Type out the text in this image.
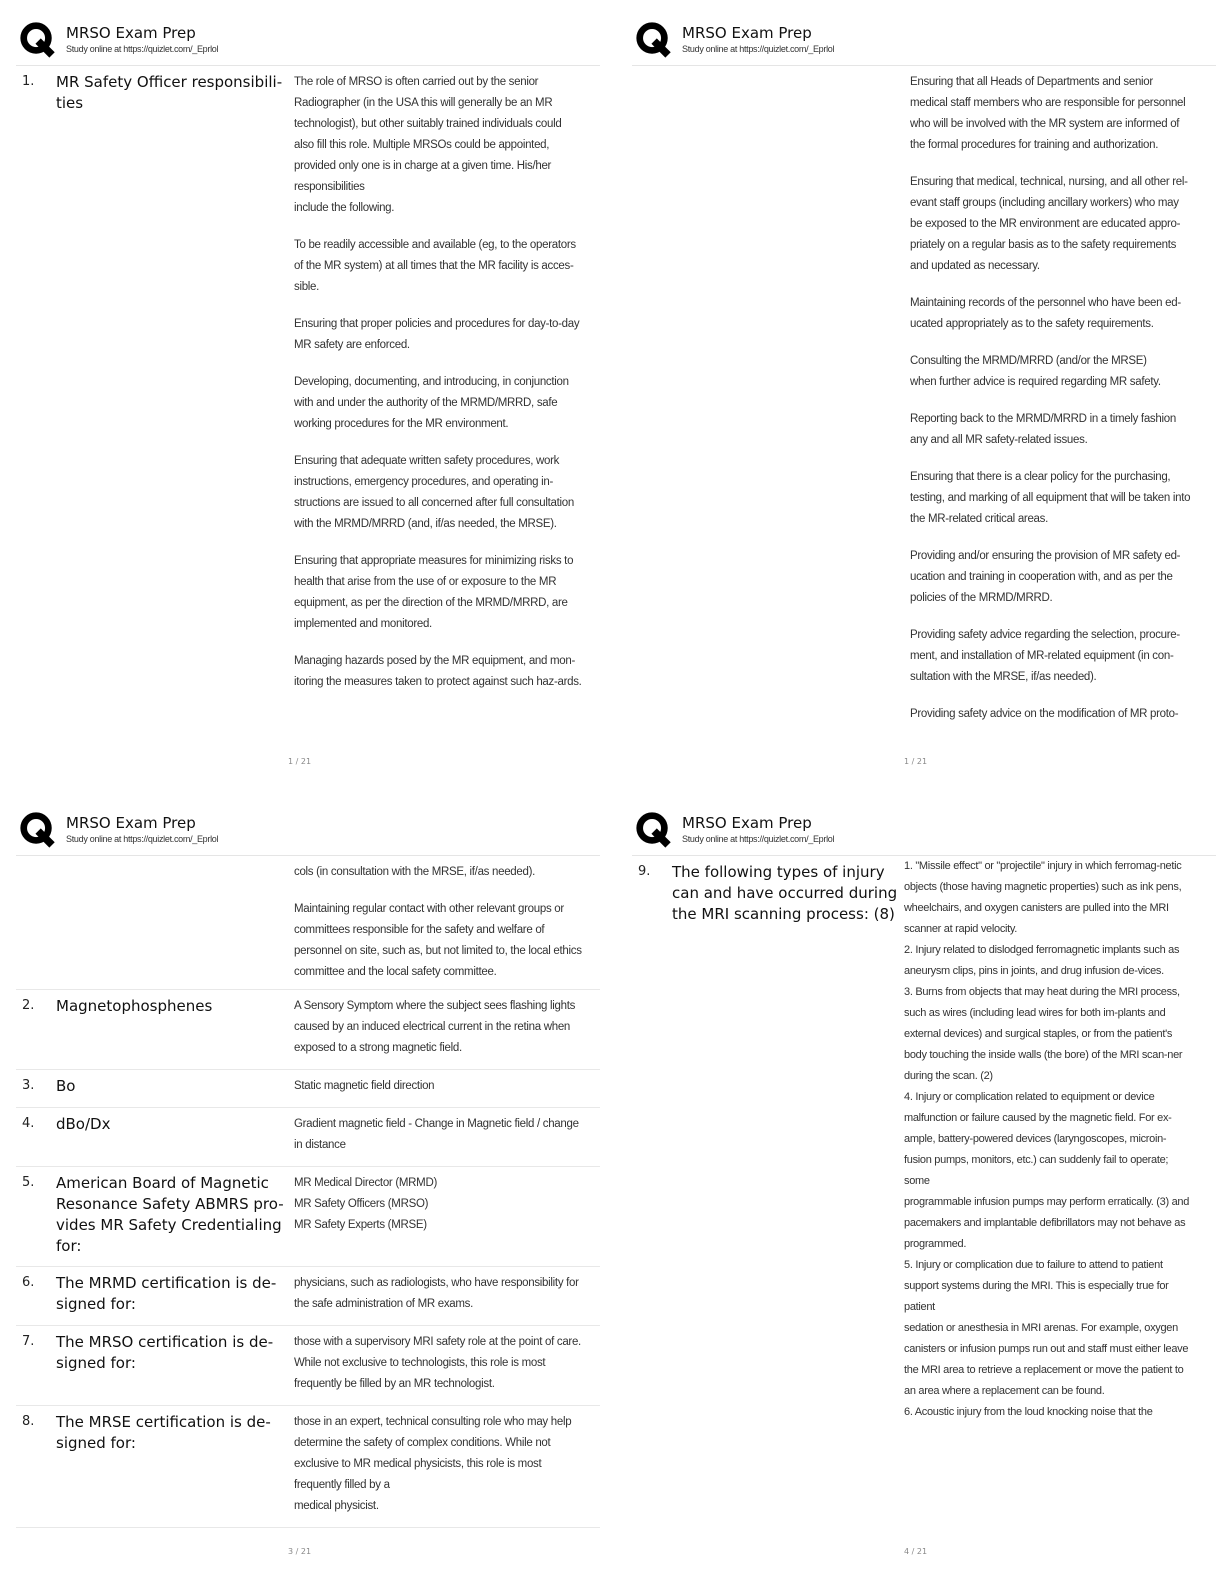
MRSO Exam Prep
Study online at https://quizlet.com/_Eprlol
1.	MR Safety Officer responsibili-ties

The role of MRSO is often carried out by the senior Radiographer (in the USA this will generally be an MR technologist), but other suitably trained individuals could also fill this role. Multiple MRSOs could be appointed, provided only one is in charge at a given time. His/her responsibilities
include the following.

To be readily accessible and available (eg, to the operators of the MR system) at all times that the MR facility is acces-sible.

Ensuring that proper policies and procedures for day-to-day MR safety are enforced.

Developing, documenting, and introducing, in conjunction with and under the authority of the MRMD/MRRD, safe working procedures for the MR environment.

Ensuring that adequate written safety procedures, work instructions, emergency procedures, and operating in-structions are issued to all concerned after full consultation with the MRMD/MRRD (and, if/as needed, the MRSE).

Ensuring that appropriate measures for minimizing risks to health that arise from the use of or exposure to the MR equipment, as per the direction of the MRMD/MRRD, are implemented and monitored.

Managing hazards posed by the MR equipment, and mon-itoring the measures taken to protect against such haz-ards.

1 / 21
MRSO Exam Prep
Study online at https://quizlet.com/_Eprlol

Ensuring that all Heads of Departments and senior medical staff members who are responsible for personnel who will be involved with the MR system are informed of the formal procedures for training and authorization.

Ensuring that medical, technical, nursing, and all other rel-evant staff groups (including ancillary workers) who may be exposed to the MR environment are educated appro-priately on a regular basis as to the safety requirements and updated as necessary.

Maintaining records of the personnel who have been ed-ucated appropriately as to the safety requirements.

Consulting the MRMD/MRRD (and/or the MRSE)
when further advice is required regarding MR safety.

Reporting back to the MRMD/MRRD in a timely fashion any and all MR safety-related issues.

Ensuring that there is a clear policy for the purchasing, testing, and marking of all equipment that will be taken into the MR-related critical areas.

Providing and/or ensuring the provision of MR safety ed-ucation and training in cooperation with, and as per the policies of the MRMD/MRRD.

Providing safety advice regarding the selection, procure-ment, and installation of MR-related equipment (in con-sultation with the MRSE, if/as needed).

Providing safety advice on the modification of MR proto-

1 / 21
MRSO Exam Prep
Study online at https://quizlet.com/_Eprlol

cols (in consultation with the MRSE, if/as needed).

Maintaining regular contact with other relevant groups or committees responsible for the safety and welfare of personnel on site, such as, but not limited to, the local ethics committee and the local safety committee.

2.	Magnetophosphenes	A Sensory Symptom where the subject sees flashing lights caused by an induced electrical current in the retina when exposed to a strong magnetic field.
3.	Bo	Static magnetic field direction
4.	dBo/Dx	Gradient magnetic field - Change in Magnetic field / change in distance
5.	American Board of Magnetic Resonance Safety ABMRS pro-vides MR Safety Credentialing for:
MR Medical Director (MRMD)
MR Safety Officers (MRSO)
MR Safety Experts (MRSE)
6.	The MRMD certification is de-signed for:
physicians, such as radiologists, who have responsibility for the safe administration of MR exams.
7.	The MRSO certification is de-signed for:
those with a supervisory MRI safety role at the point of care. While not exclusive to technologists, this role is most frequently be filled by an MR technologist.
8.	The MRSE certification is de-signed for:
those in an expert, technical consulting role who may help determine the safety of complex conditions. While not exclusive to MR medical physicists, this role is most frequently filled by a
medical physicist.
3 / 21
MRSO Exam Prep
Study online at https://quizlet.com/_Eprlol
9.	The following types of injury can and have occurred during the MRI scanning process: (8)

1. "Missile effect" or "projectile" injury in which ferromag-netic objects (those having magnetic properties) such as ink pens,
wheelchairs, and oxygen canisters are pulled into the MRI scanner at rapid velocity.
2. Injury related to dislodged ferromagnetic implants such as aneurysm clips, pins in joints, and drug infusion de-vices.
3. Burns from objects that may heat during the MRI process, such as wires (including lead wires for both im-plants and
external devices) and surgical staples, or from the patient's body touching the inside walls (the bore) of the MRI scan-ner
during the scan. (2)
4. Injury or complication related to equipment or device malfunction or failure caused by the magnetic field. For ex-ample, battery-powered devices (laryngoscopes, microin-fusion pumps, monitors, etc.) can suddenly fail to operate; some
programmable infusion pumps may perform erratically. (3) and pacemakers and implantable defibrillators may not behave as programmed.
5. Injury or complication due to failure to attend to patient support systems during the MRI. This is especially true for patient
sedation or anesthesia in MRI arenas. For example, oxygen canisters or infusion pumps run out and staff must either leave
the MRI area to retrieve a replacement or move the patient to an area where a replacement can be found.
6. Acoustic injury from the loud knocking noise that the

4 / 21
